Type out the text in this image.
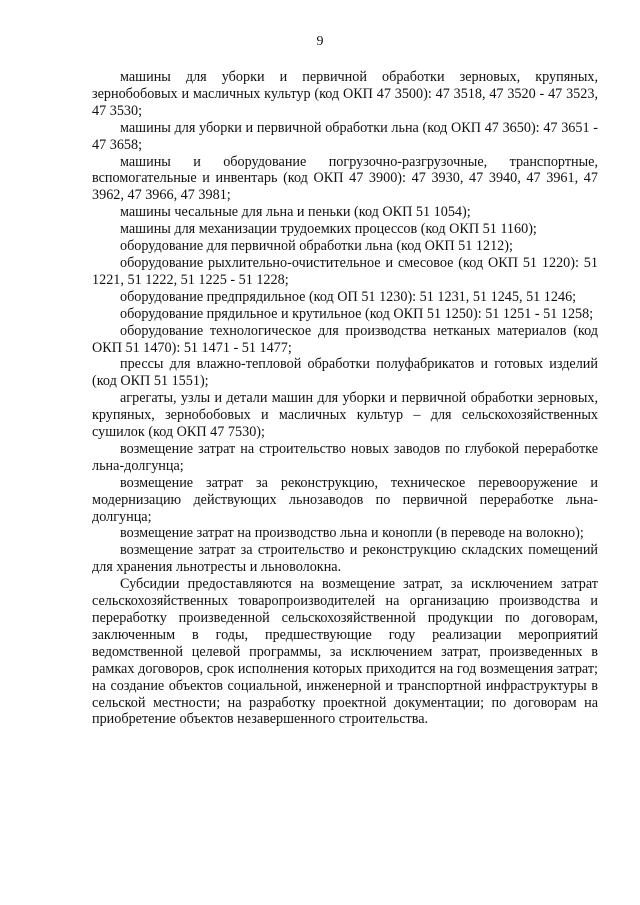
9

машины для уборки и первичной обработки зерновых, крупяных, зернобобовых и масличных культур (код ОКП 47 3500): 47 3518, 47 3520 - 47 3523, 47 3530;

машины для уборки и первичной обработки льна (код ОКП 47 3650): 47 3651 - 47 3658;

машины и оборудование погрузочно-разгрузочные, транспортные, вспомогательные и инвентарь (код ОКП 47 3900): 47 3930, 47 3940, 47 3961, 47 3962, 47 3966, 47 3981;

машины чесальные для льна и пеньки (код ОКП 51 1054);

машины для механизации трудоемких процессов (код ОКП 51 1160);

оборудование для первичной обработки льна (код ОКП 51 1212);

оборудование рыхлительно-очистительное и смесовое (код ОКП 51 1220): 51 1221, 51 1222, 51 1225 - 51 1228;

оборудование предпрядильное (код ОП 51 1230): 51 1231, 51 1245, 51 1246;

оборудование прядильное и крутильное (код ОКП 51 1250): 51 1251 - 51 1258;

оборудование технологическое для производства нетканых материалов (код ОКП 51 1470): 51 1471 - 51 1477;

прессы для влажно-тепловой обработки полуфабрикатов и готовых изделий (код ОКП 51 1551);

агрегаты, узлы и детали машин для уборки и первичной обработки зерновых, крупяных, зернобобовых и масличных культур – для сельскохозяйственных сушилок (код ОКП 47 7530);

возмещение затрат на строительство новых заводов по глубокой переработке льна-долгунца;

возмещение затрат за реконструкцию, техническое перевооружение и модернизацию действующих льнозаводов по первичной переработке льна-долгунца;

возмещение затрат на производство льна и конопли (в переводе на волокно);

возмещение затрат за строительство и реконструкцию складских помещений для хранения льнотресты и льноволокна.

Субсидии предоставляются на возмещение затрат, за исключением затрат сельскохозяйственных товаропроизводителей на организацию производства и переработку произведенной сельскохозяйственной продукции по договорам, заключенным в годы, предшествующие году реализации мероприятий ведомственной целевой программы, за исключением затрат, произведенных в рамках договоров, срок исполнения которых приходится на год возмещения затрат; на создание объектов социальной, инженерной и транспортной инфраструктуры в сельской местности; на разработку проектной документации; по договорам на приобретение объектов незавершенного строительства.
